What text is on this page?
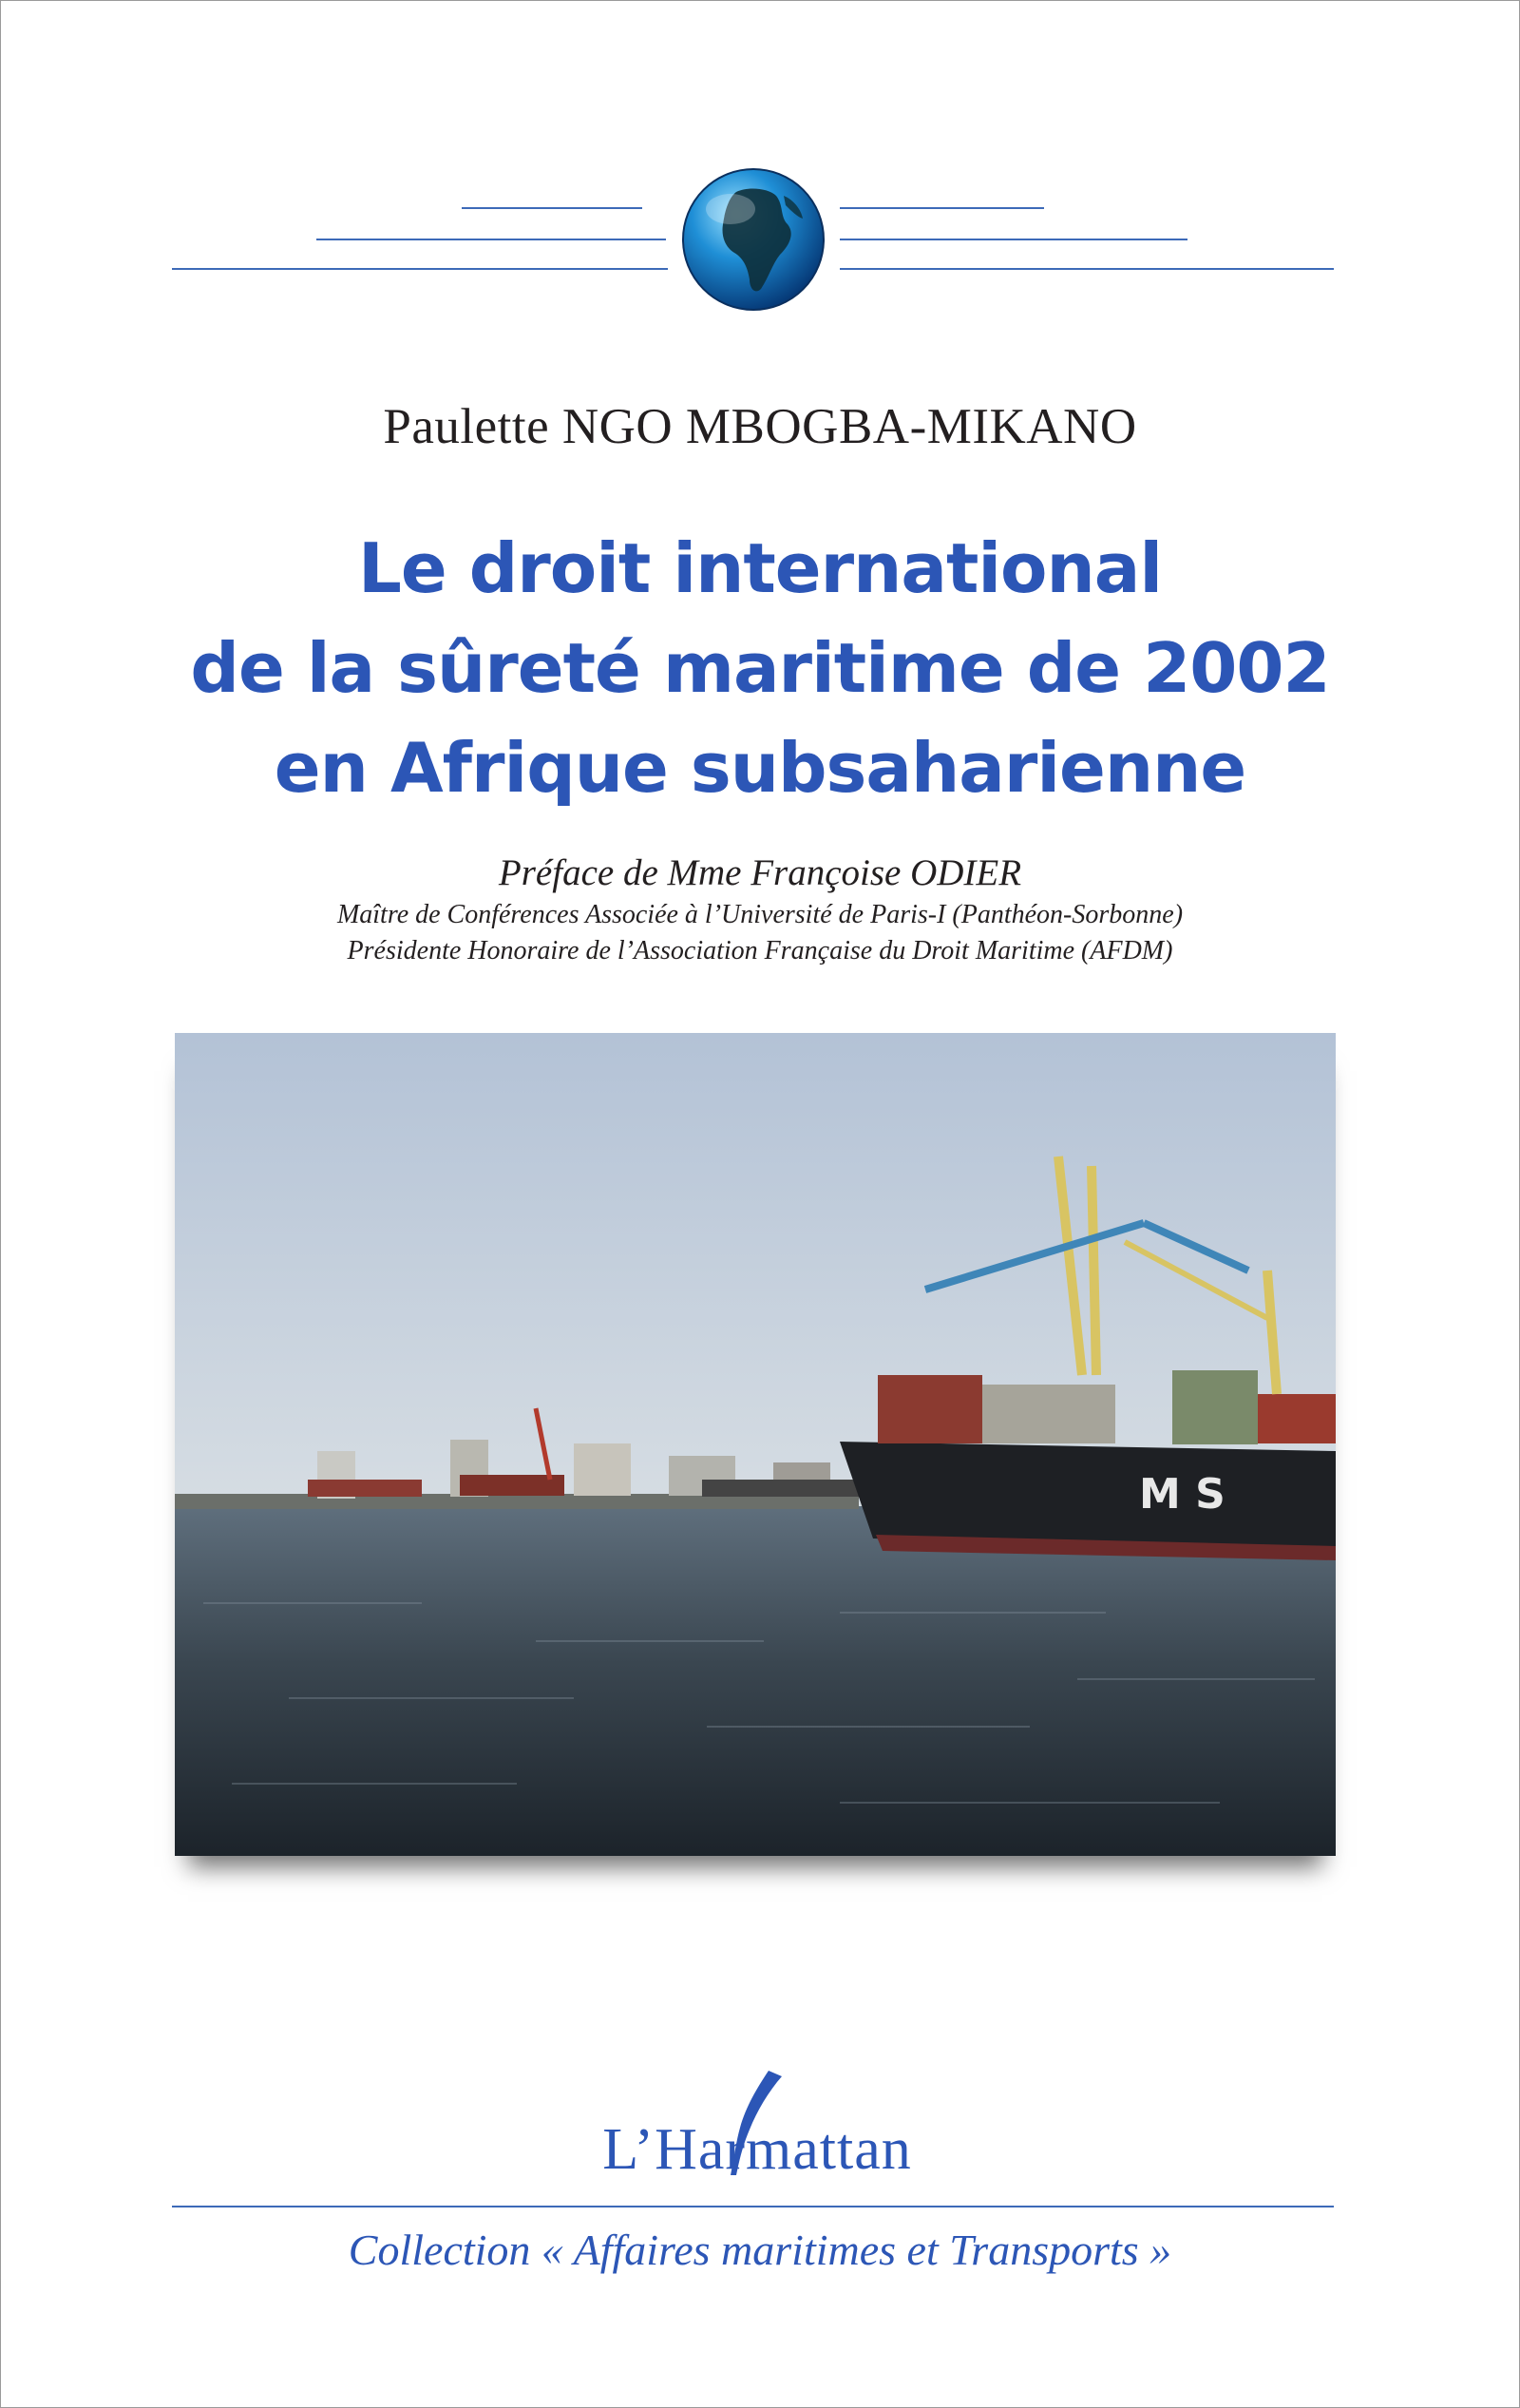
Paulette NGO MBOGBA-MIKANO
Le droit international
de la sûreté maritime de 2002
en Afrique subsaharienne
Préface de Mme Françoise ODIER
Maître de Conférences Associée à l’Université de Paris-I (Panthéon-Sorbonne)
Présidente Honoraire de l’Association Française du Droit Maritime (AFDM)
M S
L’Harmattan
Collection « Affaires maritimes et Transports »
